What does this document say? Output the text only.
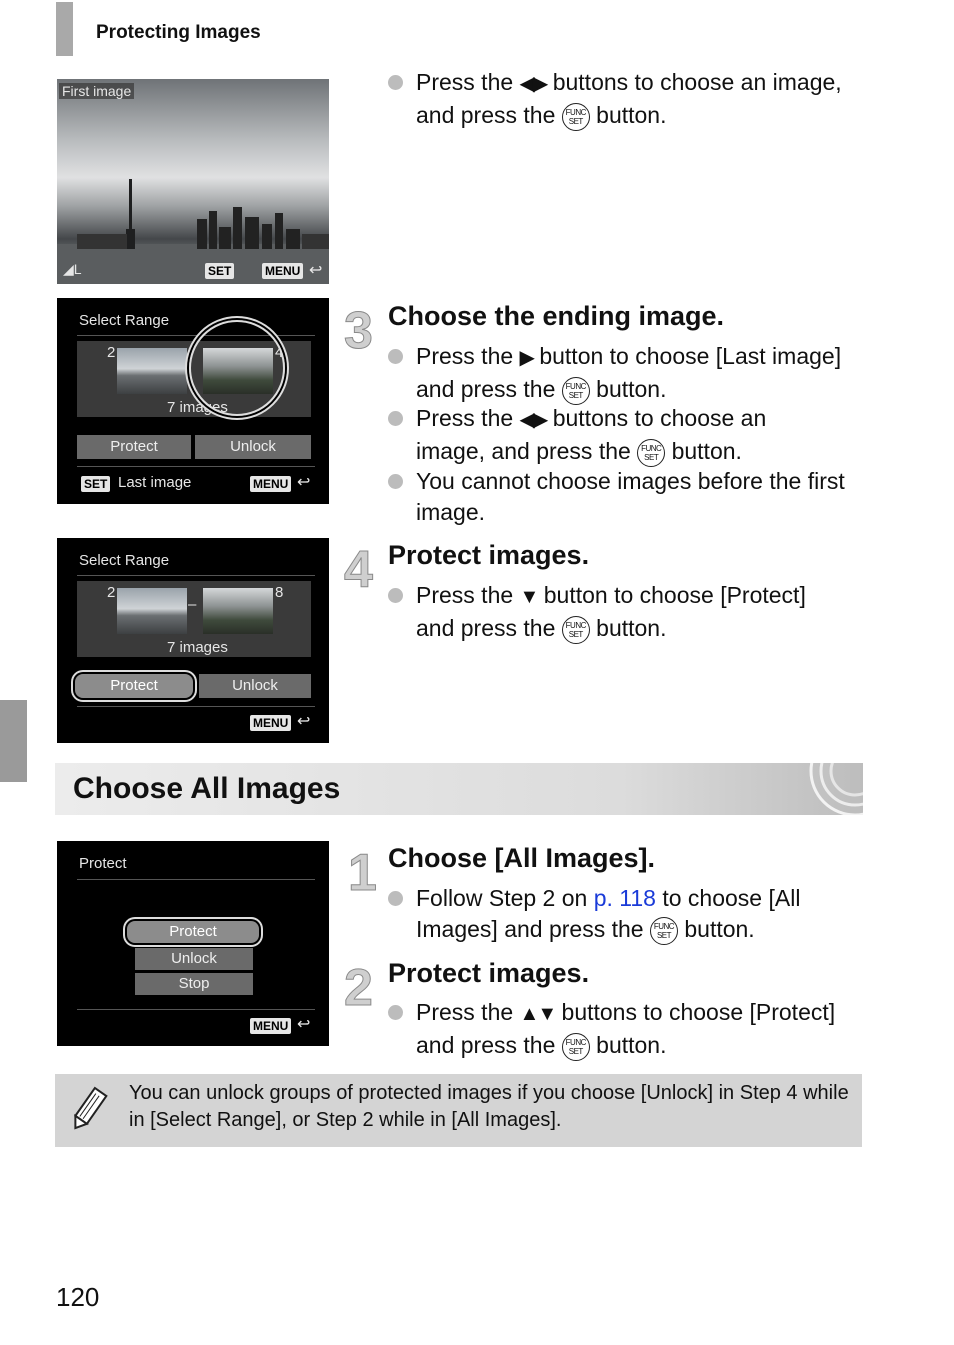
Protecting Images
First image
SET	MENU ↩
◢L
Press the ◀▶ buttons to choose an image, and press the FUNC
SET button.
Select Range
2	4
7 images
Protect	Unlock
SET Last image	MENU ↩
3 Choose the ending image.
Press the ▶ button to choose [Last image]
and press the FUNC
SET button.
Press the ◀▶ buttons to choose an
image, and press the FUNC
SET button.
You cannot choose images before the first
image.
Select Range
2
–
8
7 images
Protect	Unlock
MENU ↩
4 Protect images.
Press the ▼ button to choose [Protect]
and press the FUNC
SET button.
Choose All Images
Protect
Protect
Unlock
Stop
MENU ↩
1 Choose [All Images].
Follow Step 2 on p. 118 to choose [All
Images] and press the FUNC
SET button.
2 Protect images.
Press the ▲▼ buttons to choose [Protect]
and press the FUNC
SET button.
You can unlock groups of protected images if you choose [Unlock] in Step 4 while in [Select Range], or Step 2 while in [All Images].
120
